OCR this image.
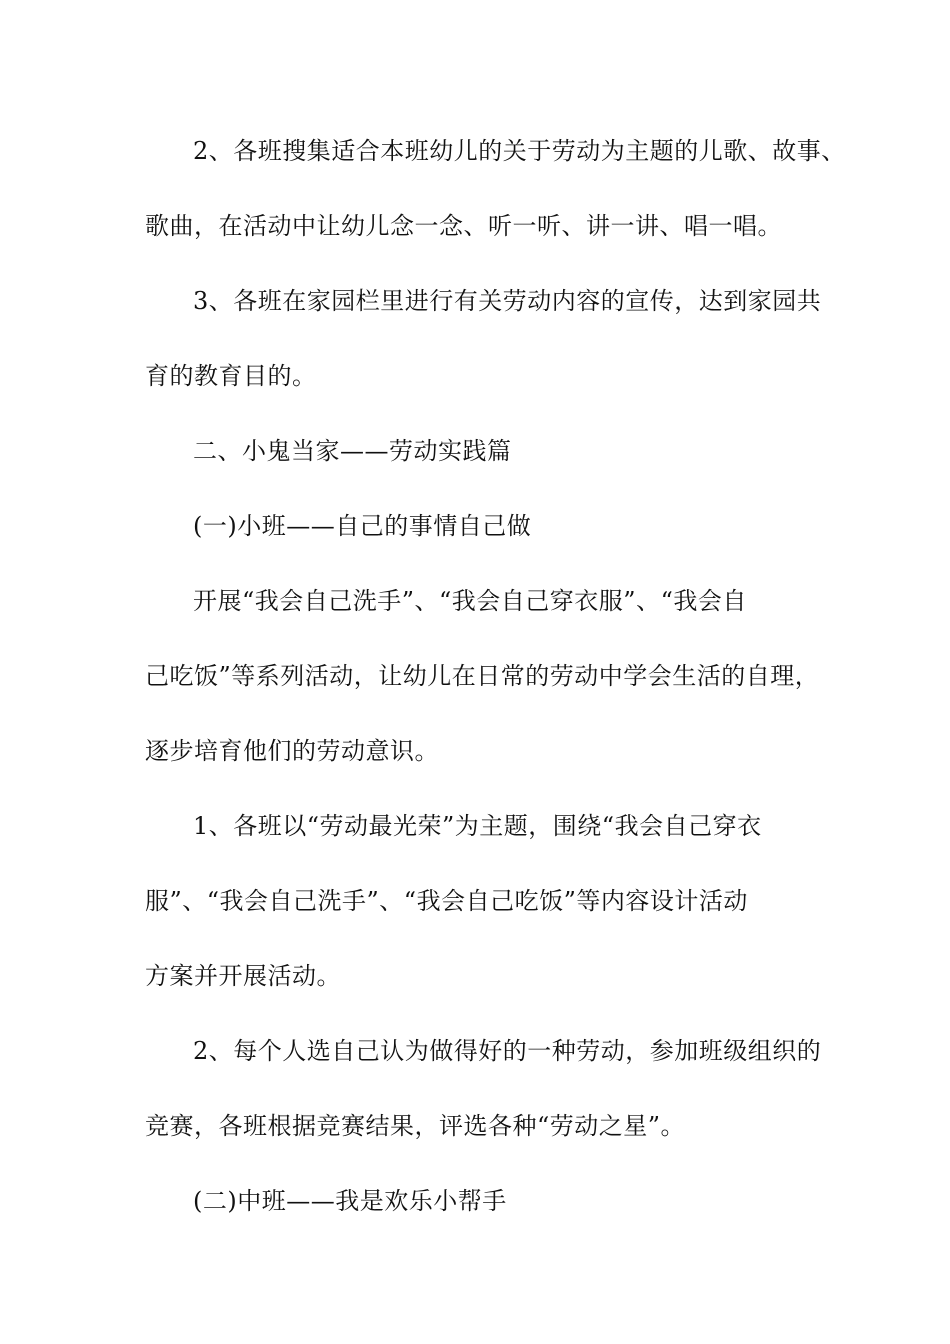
2、各班搜集适合本班幼儿的关于劳动为主题的儿歌、故事、
歌曲，在活动中让幼儿念一念、听一听、讲一讲、唱一唱。
3、各班在家园栏里进行有关劳动内容的宣传，达到家园共
育的教育目的。
二、小鬼当家——劳动实践篇
(一)小班——自己的事情自己做
开展“我会自己洗手”、“我会自己穿衣服”、“我会自
己吃饭”等系列活动，让幼儿在日常的劳动中学会生活的自理，
逐步培育他们的劳动意识。
1、各班以“劳动最光荣”为主题，围绕“我会自己穿衣
服”、“我会自己洗手”、“我会自己吃饭”等内容设计活动
方案并开展活动。
2、每个人选自己认为做得好的一种劳动，参加班级组织的
竞赛，各班根据竞赛结果，评选各种“劳动之星”。
(二)中班——我是欢乐小帮手
